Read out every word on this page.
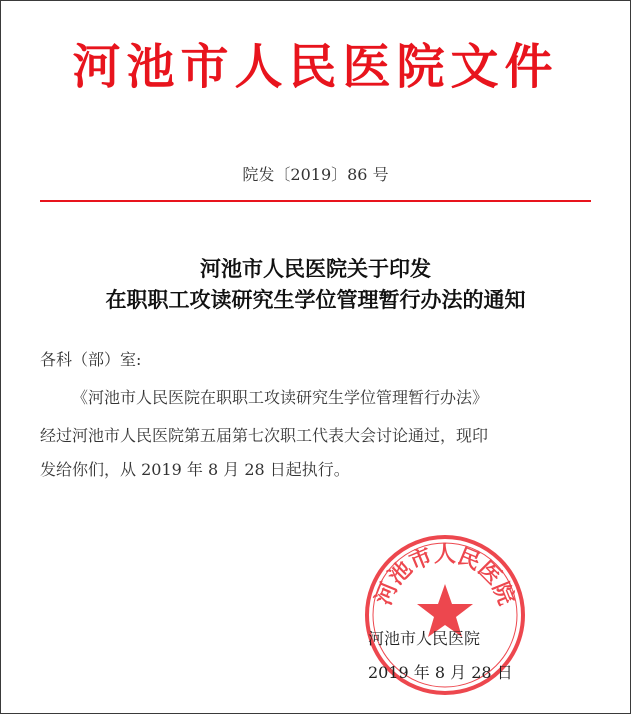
河池市人民医院文件
院发〔2019〕86 号
河池市人民医院关于印发
在职职工攻读研究生学位管理暂行办法的通知
各科（部）室:
《河池市人民医院在职职工攻读研究生学位管理暂行办法》
经过河池市人民医院第五届第七次职工代表大会讨论通过，现印
发给你们，从 2019 年 8 月 28 日起执行。
河池市人民医院
河池市人民医院
2019 年 8 月 28 日
